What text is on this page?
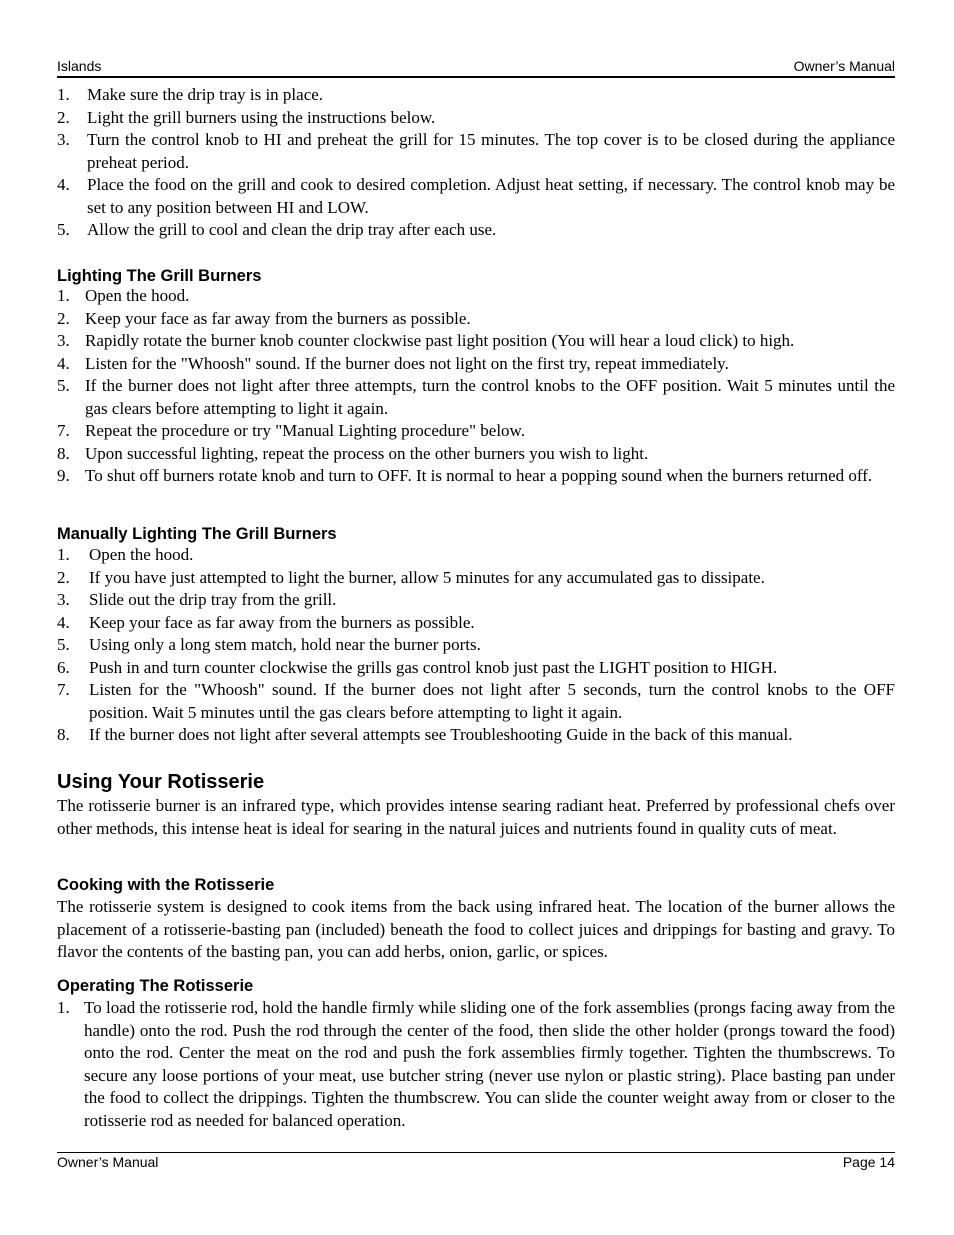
Islands	Owner’s Manual
1. Make sure the drip tray is in place.
2. Light the grill burners using the instructions below.
3. Turn the control knob to HI and preheat the grill for 15 minutes. The top cover is to be closed during the appliance preheat period.
4. Place the food on the grill and cook to desired completion. Adjust heat setting, if necessary. The control knob may be set to any position between HI and LOW.
5. Allow the grill to cool and clean the drip tray after each use.
Lighting The Grill Burners
1. Open the hood.
2. Keep your face as far away from the burners as possible.
3. Rapidly rotate the burner knob counter clockwise past light position (You will hear a loud click) to high.
4. Listen for the "Whoosh" sound. If the burner does not light on the first try, repeat immediately.
5. If the burner does not light after three attempts, turn the control knobs to the OFF position. Wait 5 minutes until the gas clears before attempting to light it again.
7. Repeat the procedure or try "Manual Lighting procedure" below.
8. Upon successful lighting, repeat the process on the other burners you wish to light.
9. To shut off burners rotate knob and turn to OFF. It is normal to hear a popping sound when the burners returned off.
Manually Lighting The Grill Burners
1. Open the hood.
2. If you have just attempted to light the burner, allow 5 minutes for any accumulated gas to dissipate.
3. Slide out the drip tray from the grill.
4. Keep your face as far away from the burners as possible.
5. Using only a long stem match, hold near the burner ports.
6. Push in and turn counter clockwise the grills gas control knob just past the LIGHT position to HIGH.
7. Listen for the "Whoosh" sound. If the burner does not light after 5 seconds, turn the control knobs to the OFF position. Wait 5 minutes until the gas clears before attempting to light it again.
8. If the burner does not light after several attempts see Troubleshooting Guide in the back of this manual.
Using Your Rotisserie

The rotisserie burner is an infrared type, which provides intense searing radiant heat. Preferred by professional chefs over other methods, this intense heat is ideal for searing in the natural juices and nutrients found in quality cuts of meat.

Cooking with the Rotisserie

The rotisserie system is designed to cook items from the back using infrared heat. The location of the burner allows the placement of a rotisserie-basting pan (included) beneath the food to collect juices and drippings for basting and gravy. To flavor the contents of the basting pan, you can add herbs, onion, garlic, or spices.

Operating The Rotisserie
1. To load the rotisserie rod, hold the handle firmly while sliding one of the fork assemblies (prongs facing away from the handle) onto the rod. Push the rod through the center of the food, then slide the other holder (prongs toward the food) onto the rod. Center the meat on the rod and push the fork assemblies firmly together. Tighten the thumbscrews. To secure any loose portions of your meat, use butcher string (never use nylon or plastic string). Place basting pan under the food to collect the drippings. Tighten the thumbscrew. You can slide the counter weight away from or closer to the rotisserie rod as needed for balanced operation.
Owner’s Manual	Page 14
